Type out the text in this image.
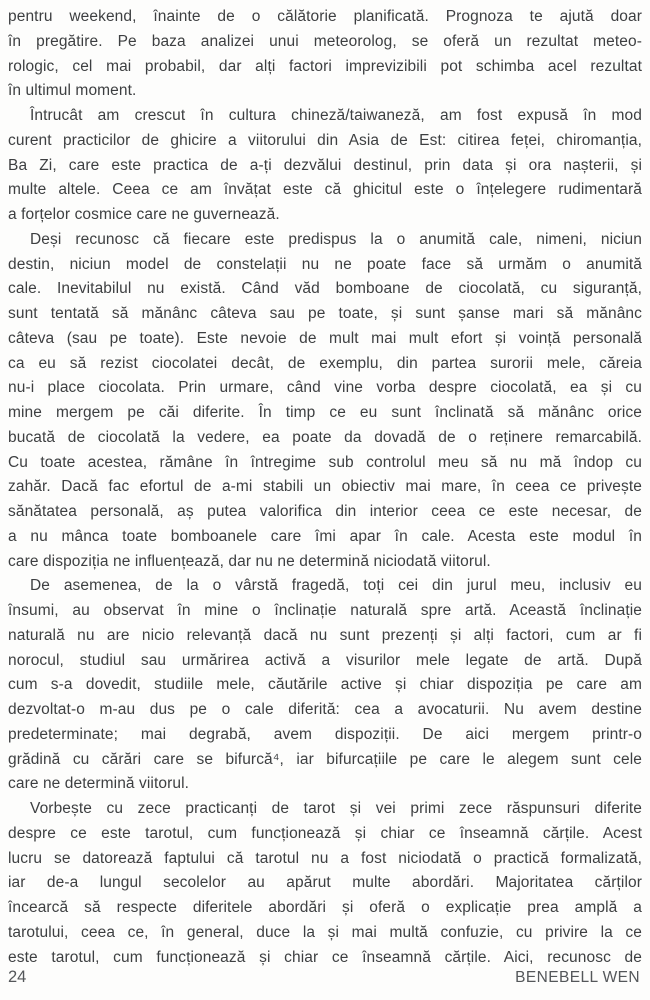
pentru weekend, înainte de o călătorie planificată. Prognoza te ajută doar
în pregătire. Pe baza analizei unui meteorolog, se oferă un rezultat meteo-
rologic, cel mai probabil, dar alți factori imprevizibili pot schimba acel rezultat
în ultimul moment.
Întrucât am crescut în cultura chineză/taiwaneză, am fost expusă în mod
curent practicilor de ghicire a viitorului din Asia de Est: citirea feței, chiromanția,
Ba Zi, care este practica de a-ți dezvălui destinul, prin data și ora nașterii, și
multe altele. Ceea ce am învățat este că ghicitul este o înțelegere rudimentară
a forțelor cosmice care ne guvernează.
Deși recunosc că fiecare este predispus la o anumită cale, nimeni, niciun
destin, niciun model de constelații nu ne poate face să urmăm o anumită
cale. Inevitabilul nu există. Când văd bomboane de ciocolată, cu siguranță,
sunt tentată să mănânc câteva sau pe toate, și sunt șanse mari să mănânc
câteva (sau pe toate). Este nevoie de mult mai mult efort și voință personală
ca eu să rezist ciocolatei decât, de exemplu, din partea surorii mele, căreia
nu-i place ciocolata. Prin urmare, când vine vorba despre ciocolată, ea și cu
mine mergem pe căi diferite. În timp ce eu sunt înclinată să mănânc orice
bucată de ciocolată la vedere, ea poate da dovadă de o reținere remarcabilă.
Cu toate acestea, rămâne în întregime sub controlul meu să nu mă îndop cu
zahăr. Dacă fac efortul de a-mi stabili un obiectiv mai mare, în ceea ce privește
sănătatea personală, aș putea valorifica din interior ceea ce este necesar, de
a nu mânca toate bomboanele care îmi apar în cale. Acesta este modul în
care dispoziția ne influențează, dar nu ne determină niciodată viitorul.
De asemenea, de la o vârstă fragedă, toți cei din jurul meu, inclusiv eu
însumi, au observat în mine o înclinație naturală spre artă. Această înclinație
naturală nu are nicio relevanță dacă nu sunt prezenți și alți factori, cum ar fi
norocul, studiul sau urmărirea activă a visurilor mele legate de artă. După
cum s-a dovedit, studiile mele, căutările active și chiar dispoziția pe care am
dezvoltat-o m-au dus pe o cale diferită: cea a avocaturii. Nu avem destine
predeterminate; mai degrabă, avem dispoziții. De aici mergem printr-o
grădină cu cărări care se bifurcă⁴, iar bifurcațiile pe care le alegem sunt cele
care ne determină viitorul.
Vorbește cu zece practicanți de tarot și vei primi zece răspunsuri diferite
despre ce este tarotul, cum funcționează și chiar ce înseamnă cărțile. Acest
lucru se datorează faptului că tarotul nu a fost niciodată o practică formalizată,
iar de-a lungul secolelor au apărut multe abordări. Majoritatea cărților
încearcă să respecte diferitele abordări și oferă o explicație prea amplă a
tarotului, ceea ce, în general, duce la și mai multă confuzie, cu privire la ce
este tarotul, cum funcționează și chiar ce înseamnă cărțile. Aici, recunosc de
24	BENEBELL WEN
